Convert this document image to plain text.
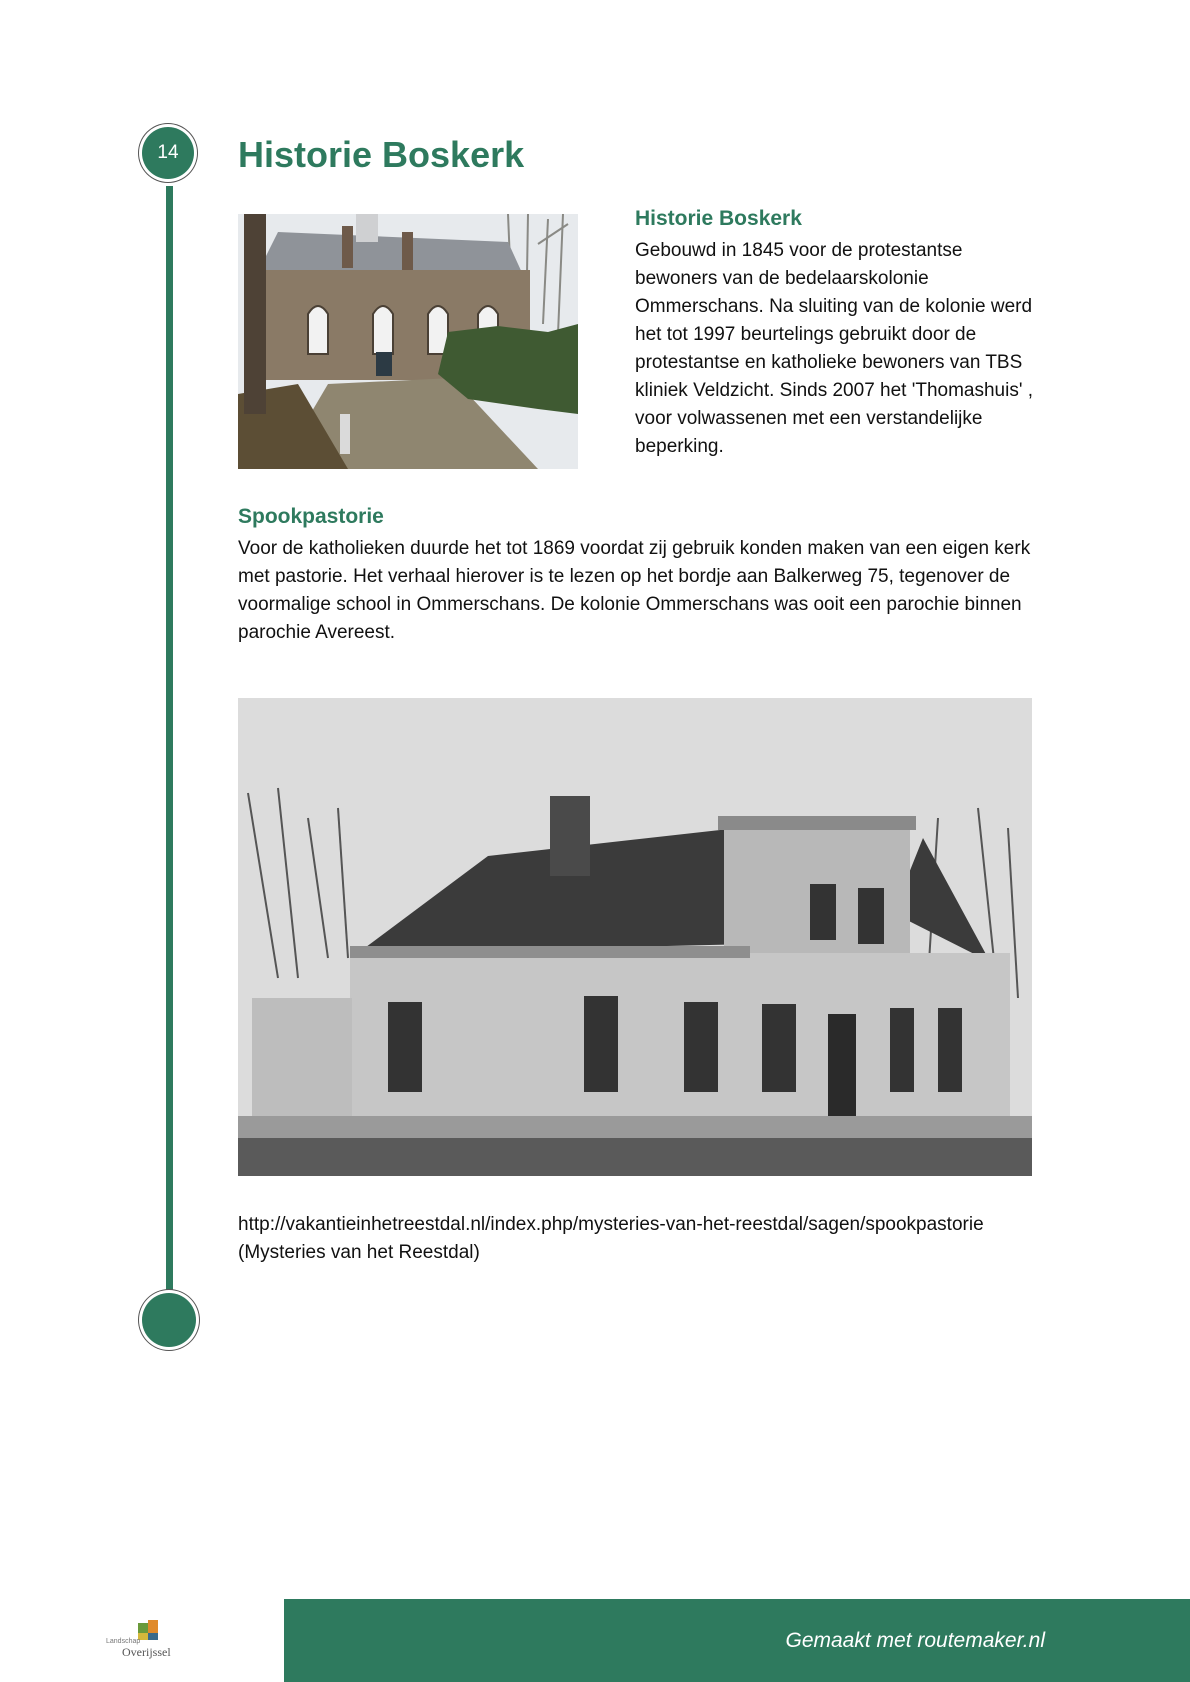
14	Historie Boskerk
Historie Boskerk

Gebouwd in 1845 voor de protestantse bewoners van de bedelaarskolonie Ommerschans. Na sluiting van de kolonie werd het tot 1997 beurtelings gebruikt door de protestantse en katholieke bewoners van TBS kliniek Veldzicht. Sinds 2007 het 'Thomashuis' , voor volwassenen met een verstandelijke beperking.

Spookpastorie

Voor de katholieken duurde het tot 1869 voordat zij gebruik konden maken van een eigen kerk met pastorie. Het verhaal hierover is te lezen op het bordje aan Balkerweg 75, tegenover de voormalige school in Ommerschans. De kolonie Ommerschans was ooit een parochie binnen parochie Avereest.

http://vakantieinhetreestdal.nl/index.php/mysteries-van-het-reestdal/sagen/spookpastorie

(Mysteries van het Reestdal)

Landschap
Overijssel	Gemaakt met routemaker.nl
